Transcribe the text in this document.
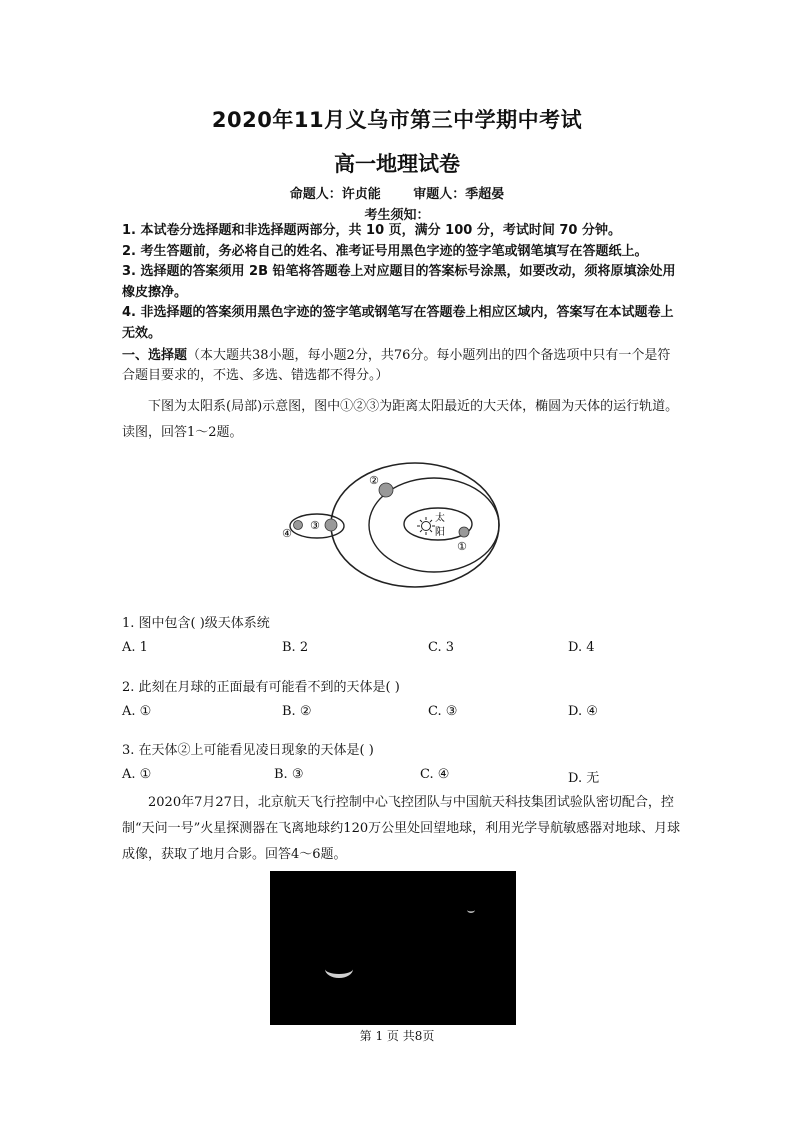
2020年11月义乌市第三中学期中考试
高一地理试卷
命题人：许贞能	审题人：季超晏
考生须知：

1. 本试卷分选择题和非选择题两部分，共 10 页，满分 100 分，考试时间 70 分钟。

2. 考生答题前，务必将自己的姓名、准考证号用黑色字迹的签字笔或钢笔填写在答题纸上。

3. 选择题的答案须用 2B 铅笔将答题卷上对应题目的答案标号涂黑，如要改动，须将原填涂处用橡皮擦净。

4. 非选择题的答案须用黑色字迹的签字笔或钢笔写在答题卷上相应区域内，答案写在本试题卷上无效。

一、选择题（本大题共38小题，每小题2分，共76分。每小题列出的四个备选项中只有一个是符合题目要求的，不选、多选、错选都不得分。）
下图为太阳系(局部)示意图，图中①②③为距离太阳最近的大天体，椭圆为天体的运行轨道。读图，回答1～2题。
太
阳
①
②
③
④
1. 图中包含( )级天体系统
A. 1	B. 2	C. 3	D. 4
2. 此刻在月球的正面最有可能看不到的天体是( )
A. ①	B. ②	C. ③	D. ④
3. 在天体②上可能看见凌日现象的天体是( )
A. ①	B. ③	C. ④	D. 无
2020年7月27日，北京航天飞行控制中心飞控团队与中国航天科技集团试验队密切配合，控制“天问一号”火星探测器在飞离地球约120万公里处回望地球，利用光学导航敏感器对地球、月球成像，获取了地月合影。回答4～6题。
第 1 页 共8页
